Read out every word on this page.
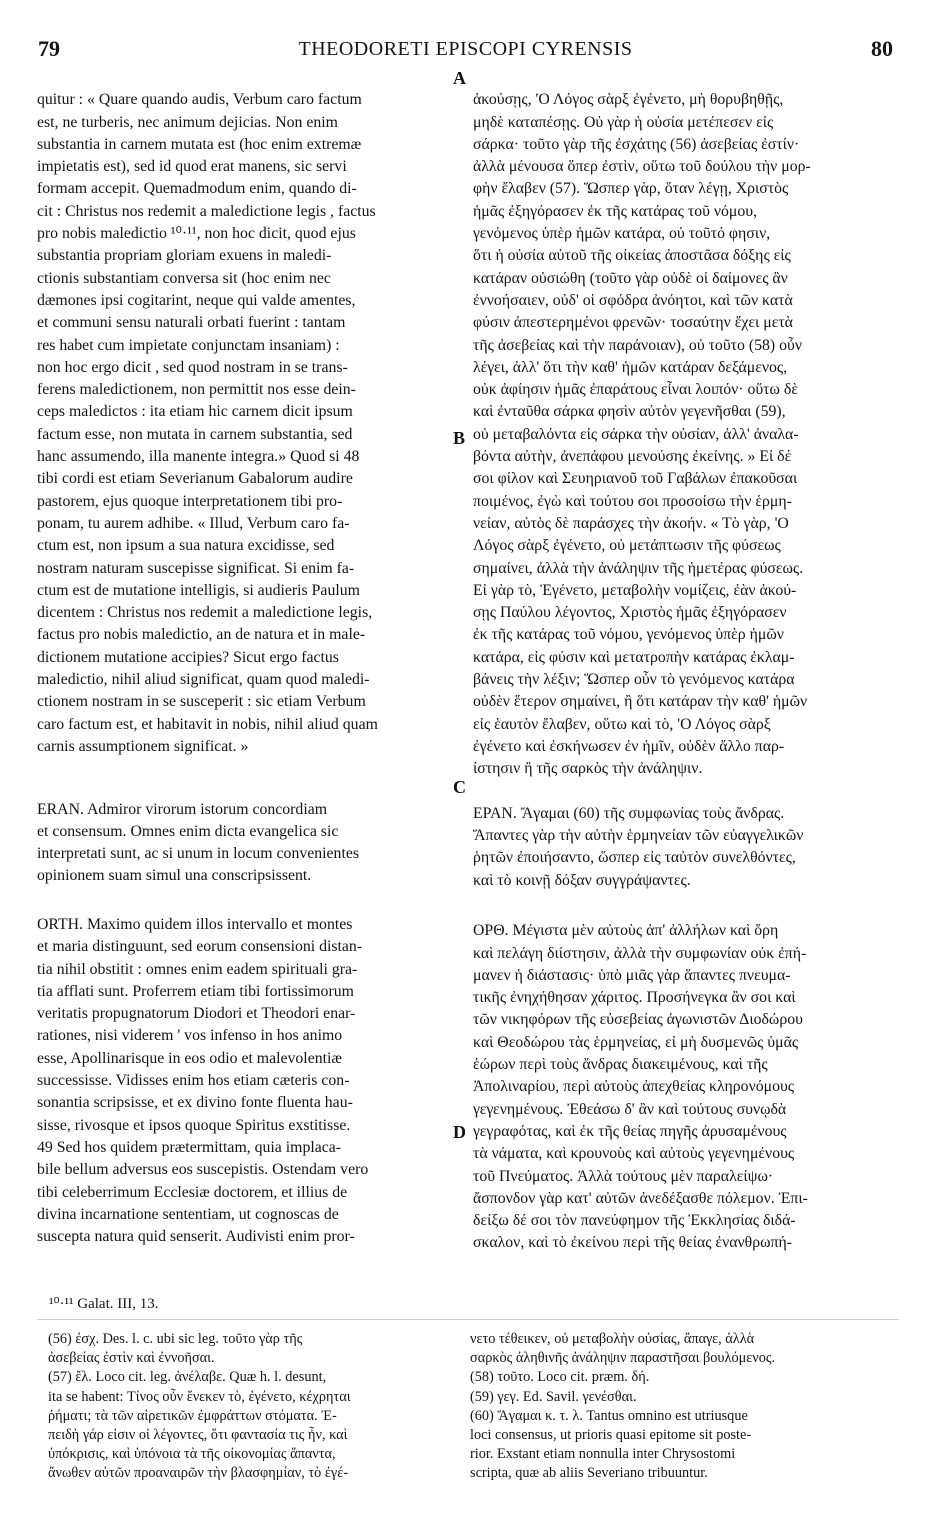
79	THEODORETI EPISCOPI CYRENSIS	80

quitur : « Quare quando audis, Verbum caro factum
est, ne turberis, nec animum dejicias. Non enim
substantia in carnem mutata est (hoc enim extremæ
impietatis est), sed id quod erat manens, sic servi
formam accepit. Quemadmodum enim, quando di-
cit : Christus nos redemit a maledictione legis , factus
pro nobis maledictio ¹⁰·¹¹, non hoc dicit, quod ejus
substantia propriam gloriam exuens in maledi-
ctionis substantiam conversa sit (hoc enim nec
dæmones ipsi cogitarint, neque qui valde amentes,
et communi sensu naturali orbati fuerint : tantam
res habet cum impietate conjunctam insaniam) :
non hoc ergo dicit , sed quod nostram in se trans-
ferens maledictionem, non permittit nos esse dein-
ceps maledictos : ita etiam hic carnem dicit ipsum
factum esse, non mutata in carnem substantia, sed
hanc assumendo, illa manente integra.» Quod si 48
tibi cordi est etiam Severianum Gabalorum audire
pastorem, ejus quoque interpretationem tibi pro-
ponam, tu aurem adhibe. « Illud, Verbum caro fa-
ctum est, non ipsum a sua natura excidisse, sed
nostram naturam suscepisse significat. Si enim fa-
ctum est de mutatione intelligis, si audieris Paulum
dicentem : Christus nos redemit a maledictione legis,
factus pro nobis maledictio, an de natura et in male-
dictionem mutatione accipies? Sicut ergo factus
maledictio, nihil aliud significat, quam quod maledi-
ctionem nostram in se susceperit : sic etiam Verbum
caro factum est, et habitavit in nobis, nihil aliud quam
carnis assumptionem significat. »

ERAN. Admiror virorum istorum concordiam
et consensum. Omnes enim dicta evangelica sic
interpretati sunt, ac si unum in locum convenientes
opinionem suam simul una conscripsissent.

ORTH. Maximo quidem illos intervallo et montes
et maria distinguunt, sed eorum consensioni distan-
tia nihil obstitit : omnes enim eadem spirituali gra-
tia afflati sunt. Proferrem etiam tibi fortissimorum
veritatis propugnatorum Diodori et Theodori enar-
rationes, nisi viderem ' vos infenso in hos animo
esse, Apollinarisque in eos odio et malevolentiæ
successisse. Vidisses enim hos etiam cæteris con-
sonantia scripsisse, et ex divino fonte fluenta hau-
sisse, rivosque et ipsos quoque Spiritus exstitisse.
49 Sed hos quidem prætermittam, quia implaca-
bile bellum adversus eos suscepistis. Ostendam vero
tibi celeberrimum Ecclesiæ doctorem, et illius de
divina incarnatione sententiam, ut cognoscas de
suscepta natura quid senserit. Audivisti enim pror-

A
B
C
D

ἀκούσῃς, 'Ο Λόγος σὰρξ ἐγένετο, μὴ θορυβηθῇς,
μηδὲ καταπέσῃς. Οὐ γὰρ ἡ οὐσία μετέπεσεν εἰς
σάρκα· τοῦτο γὰρ τῆς ἐσχάτης (56) ἀσεβείας ἐστίν·
ἀλλὰ μένουσα ὅπερ ἐστὶν, οὕτω τοῦ δούλου τὴν μορ-
φὴν ἔλαβεν (57). Ὥσπερ γὰρ, ὅταν λέγῃ, Χριστὸς
ἡμᾶς ἐξηγόρασεν ἐκ τῆς κατάρας τοῦ νόμου,
γενόμενος ὑπὲρ ἡμῶν κατάρα, οὐ τοῦτό φησιν,
ὅτι ἡ οὐσία αὐτοῦ τῆς οἰκείας ἀποστᾶσα δόξης εἰς
κατάραν οὐσιώθη (τοῦτο γὰρ οὐδὲ οἱ δαίμονες ἂν
ἐννοήσαιεν, οὐδ' οἱ σφόδρα ἀνόητοι, καὶ τῶν κατὰ
φύσιν ἀπεστερημένοι φρενῶν· τοσαύτην ἔχει μετὰ
τῆς ἀσεβείας καὶ τὴν παράνοιαν), οὐ τοῦτο (58) οὖν
λέγει, ἀλλ' ὅτι τὴν καθ' ἡμῶν κατάραν δεξάμενος,
οὐκ ἀφίησιν ἡμᾶς ἐπαράτους εἶναι λοιπόν· οὕτω δὲ
καὶ ἐνταῦθα σάρκα φησὶν αὐτὸν γεγενῆσθαι (59),
οὐ μεταβαλόντα εἰς σάρκα τὴν οὐσίαν, ἀλλ' ἀναλα-
βόντα αὐτὴν, ἀνεπάφου μενούσης ἐκείνης. » Εἰ δέ
σοι φίλον καὶ Σευηριανοῦ τοῦ Γαβάλων ἐπακοῦσαι
ποιμένος, ἐγὼ καὶ τούτου σοι προσοίσω τὴν ἑρμη-
νείαν, αὐτὸς δὲ παράσχες τὴν ἀκοήν. « Τὸ γὰρ, 'Ο
Λόγος σὰρξ ἐγένετο, οὐ μετάπτωσιν τῆς φύσεως
σημαίνει, ἀλλὰ τὴν ἀνάληψιν τῆς ἡμετέρας φύσεως.
Εἰ γὰρ τὸ, Ἐγένετο, μεταβολὴν νομίζεις, ἐὰν ἀκού-
σῃς Παύλου λέγοντος, Χριστὸς ἡμᾶς ἐξηγόρασεν
ἐκ τῆς κατάρας τοῦ νόμου, γενόμενος ὑπὲρ ἡμῶν
κατάρα, εἰς φύσιν καὶ μετατροπὴν κατάρας ἐκλαμ-
βάνεις τὴν λέξιν; Ὥσπερ οὖν τὸ γενόμενος κατάρα
οὐδὲν ἕτερον σημαίνει, ἢ ὅτι κατάραν τὴν καθ' ἡμῶν
εἰς ἑαυτὸν ἔλαβεν, οὕτω καὶ τὸ, 'Ο Λόγος σὰρξ
ἐγένετο καὶ ἐσκήνωσεν ἐν ἡμῖν, οὐδὲν ἄλλο παρ-
ίστησιν ἢ τῆς σαρκὸς τὴν ἀνάληψιν.

ΕΡΑΝ. Ἄγαμαι (60) τῆς συμφωνίας τοὺς ἄνδρας.
Ἅπαντες γὰρ τὴν αὐτὴν ἑρμηνείαν τῶν εὐαγγελικῶν
ῥητῶν ἐποιήσαντο, ὥσπερ εἰς ταὐτὸν συνελθόντες,
καὶ τὸ κοινῇ δόξαν συγγράψαντες.

ΟΡΘ. Μέγιστα μὲν αὐτοὺς ἀπ' ἀλλήλων καὶ ὄρη
καὶ πελάγη διίστησιν, ἀλλὰ τὴν συμφωνίαν οὐκ ἐπή-
μανεν ἡ διάστασις· ὑπὸ μιᾶς γὰρ ἅπαντες πνευμα-
τικῆς ἐνηχήθησαν χάριτος. Προσήνεγκα ἂν σοι καὶ
τῶν νικηφόρων τῆς εὐσεβείας ἀγωνιστῶν Διοδώρου
καὶ Θεοδώρου τὰς ἑρμηνείας, εἰ μὴ δυσμενῶς ὑμᾶς
ἑώρων περὶ τοὺς ἄνδρας διακειμένους, καὶ τῆς
Ἀπολιναρίου, περὶ αὐτοὺς ἀπεχθείας κληρονόμους
γεγενημένους. Ἐθεάσω δ' ἂν καὶ τούτους συνῳδὰ
γεγραφότας, καὶ ἐκ τῆς θείας πηγῆς ἀρυσαμένους
τὰ νάματα, καὶ κρουνοὺς καὶ αὐτοὺς γεγενημένους
τοῦ Πνεύματος. Ἀλλὰ τούτους μὲν παραλείψω·
ἄσπονδον γὰρ κατ' αὐτῶν ἀνεδέξασθε πόλεμον. Ἐπι-
δείξω δέ σοι τὸν πανεύφημον τῆς Ἐκκλησίας διδά-
σκαλον, καὶ τὸ ἐκείνου περὶ τῆς θείας ἐνανθρωπή-

¹⁰·¹¹ Galat. III, 13.
(56) ἐσχ. Des. l. c. ubi sic leg. τοῦτο γὰρ τῆς
ἀσεβείας ἐστὶν καὶ ἐννοῆσαι.
(57) ἔλ. Loco cit. leg. ἀνέλαβε. Quæ h. l. desunt,
ita se habent: Τίνος οὖν ἕνεκεν τὸ, ἐγένετο, κέχρηται
ῥήματι; τὰ τῶν αἱρετικῶν ἐμφράττων στόματα. Ἐ-
πειδὴ γάρ εἰσιν οἱ λέγοντες, ὅτι φαντασία τις ἦν, καὶ
ὑπόκρισις, καὶ ὑπόνοια τὰ τῆς οἰκονομίας ἅπαντα,
ἄνωθεν αὐτῶν προαναιρῶν τὴν βλασφημίαν, τὸ ἐγέ-
νετο τέθεικεν, οὐ μεταβολὴν οὐσίας, ἄπαγε, ἀλλὰ
σαρκὸς ἀληθινῆς ἀνάληψιν παραστῆσαι βουλόμενος.
(58) τοῦτο. Loco cit. præm. δή.
(59) γεγ. Ed. Savil. γενέσθαι.
(60) Ἄγαμαι κ. τ. λ. Tantus omnino est utriusque
loci consensus, ut prioris quasi epitome sit poste-
rior. Exstant etiam nonnulla inter Chrysostomi
scripta, quæ ab aliis Severiano tribuuntur.
